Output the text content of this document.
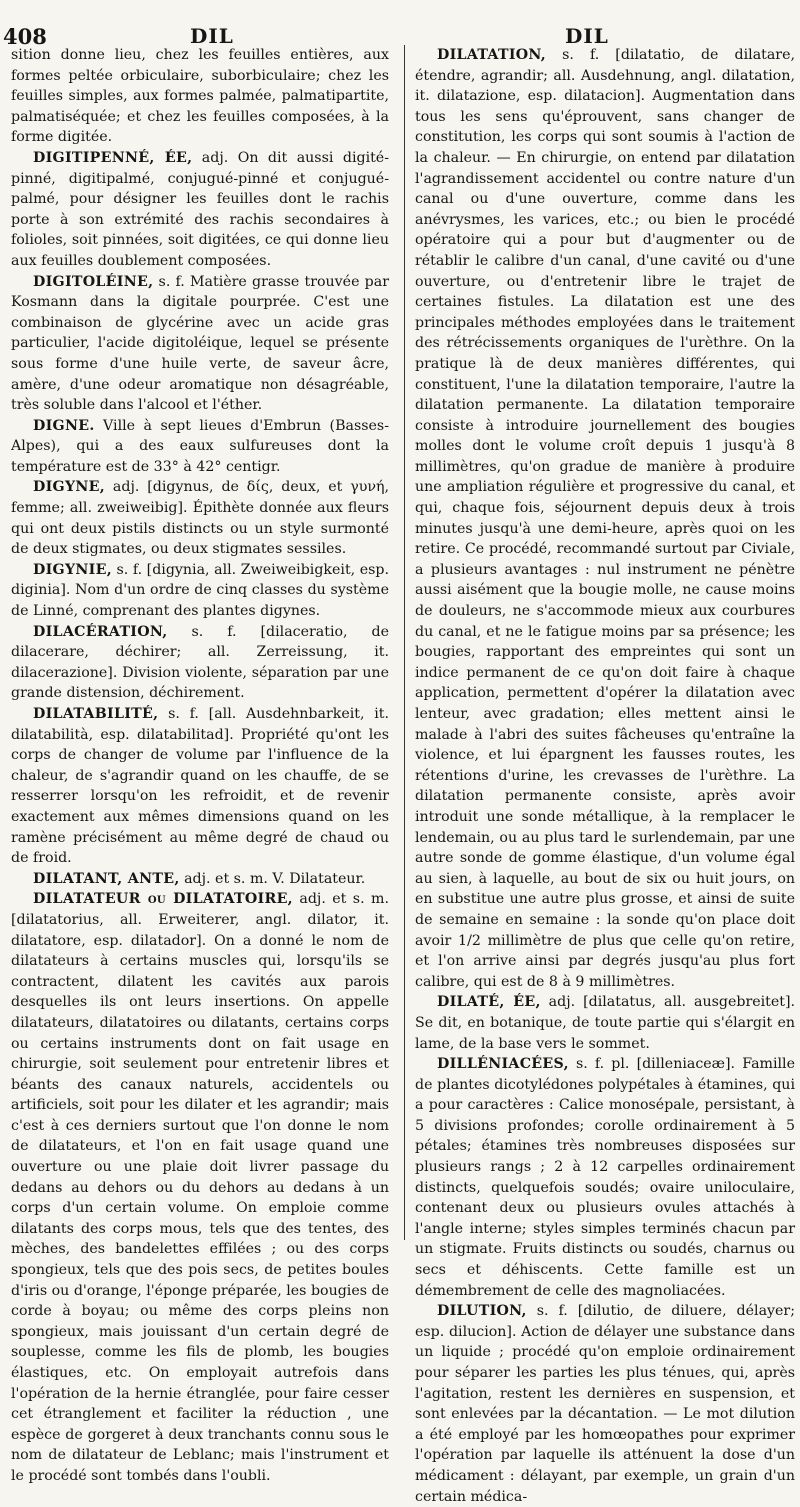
408	DIL	DIL

sition donne lieu, chez les feuilles entières, aux formes peltée orbiculaire, suborbiculaire; chez les feuilles simples, aux formes palmée, palmatipartite, palmatiséquée; et chez les feuilles composées, à la forme digitée.

DIGITIPENNÉ, ÉE, adj. On dit aussi digité-pinné, digitipalmé, conjugué-pinné et conjugué-palmé, pour désigner les feuilles dont le rachis porte à son extrémité des rachis secondaires à folioles, soit pinnées, soit digitées, ce qui donne lieu aux feuilles doublement composées.

DIGITOLÉINE, s. f. Matière grasse trouvée par Kosmann dans la digitale pourprée. C'est une combinaison de glycérine avec un acide gras particulier, l'acide digitoléique, lequel se présente sous forme d'une huile verte, de saveur âcre, amère, d'une odeur aromatique non désagréable, très soluble dans l'alcool et l'éther.

DIGNE. Ville à sept lieues d'Embrun (Basses-Alpes), qui a des eaux sulfureuses dont la température est de 33° à 42° centigr.

DIGYNE, adj. [digynus, de δίς, deux, et γυνή, femme; all. zweiweibig]. Épithète donnée aux fleurs qui ont deux pistils distincts ou un style surmonté de deux stigmates, ou deux stigmates sessiles.

DIGYNIE, s. f. [digynia, all. Zweiweibigkeit, esp. diginia]. Nom d'un ordre de cinq classes du système de Linné, comprenant des plantes digynes.

DILACÉRATION, s. f. [dilaceratio, de dilacerare, déchirer; all. Zerreissung, it. dilacerazione]. Division violente, séparation par une grande distension, déchirement.

DILATABILITÉ, s. f. [all. Ausdehnbarkeit, it. dilatabilità, esp. dilatabilitad]. Propriété qu'ont les corps de changer de volume par l'influence de la chaleur, de s'agrandir quand on les chauffe, de se resserrer lorsqu'on les refroidit, et de revenir exactement aux mêmes dimensions quand on les ramène précisément au même degré de chaud ou de froid.

DILATANT, ANTE, adj. et s. m. V. Dilatateur.

DILATATEUR ou DILATATOIRE, adj. et s. m. [dilatatorius, all. Erweiterer, angl. dilator, it. dilatatore, esp. dilatador]. On a donné le nom de dilatateurs à certains muscles qui, lorsqu'ils se contractent, dilatent les cavités aux parois desquelles ils ont leurs insertions. On appelle dilatateurs, dilatatoires ou dilatants, certains corps ou certains instruments dont on fait usage en chirurgie, soit seulement pour entretenir libres et béants des canaux naturels, accidentels ou artificiels, soit pour les dilater et les agrandir; mais c'est à ces derniers surtout que l'on donne le nom de dilatateurs, et l'on en fait usage quand une ouverture ou une plaie doit livrer passage du dedans au dehors ou du dehors au dedans à un corps d'un certain volume. On emploie comme dilatants des corps mous, tels que des tentes, des mèches, des bandelettes effilées ; ou des corps spongieux, tels que des pois secs, de petites boules d'iris ou d'orange, l'éponge préparée, les bougies de corde à boyau; ou même des corps pleins non spongieux, mais jouissant d'un certain degré de souplesse, comme les fils de plomb, les bougies élastiques, etc. On employait autrefois dans l'opération de la hernie étranglée, pour faire cesser cet étranglement et faciliter la réduction , une espèce de gorgeret à deux tranchants connu sous le nom de dilatateur de Leblanc; mais l'instrument et le procédé sont tombés dans l'oubli.

DILATATION, s. f. [dilatatio, de dilatare, étendre, agrandir; all. Ausdehnung, angl. dilatation, it. dilatazione, esp. dilatacion]. Augmentation dans tous les sens qu'éprouvent, sans changer de constitution, les corps qui sont soumis à l'action de la chaleur. — En chirurgie, on entend par dilatation l'agrandissement accidentel ou contre nature d'un canal ou d'une ouverture, comme dans les anévrysmes, les varices, etc.; ou bien le procédé opératoire qui a pour but d'augmenter ou de rétablir le calibre d'un canal, d'une cavité ou d'une ouverture, ou d'entretenir libre le trajet de certaines fistules. La dilatation est une des principales méthodes employées dans le traitement des rétrécissements organiques de l'urèthre. On la pratique là de deux manières différentes, qui constituent, l'une la dilatation temporaire, l'autre la dilatation permanente. La dilatation temporaire consiste à introduire journellement des bougies molles dont le volume croît depuis 1 jusqu'à 8 millimètres, qu'on gradue de manière à produire une ampliation régulière et progressive du canal, et qui, chaque fois, séjournent depuis deux à trois minutes jusqu'à une demi-heure, après quoi on les retire. Ce procédé, recommandé surtout par Civiale, a plusieurs avantages : nul instrument ne pénètre aussi aisément que la bougie molle, ne cause moins de douleurs, ne s'accommode mieux aux courbures du canal, et ne le fatigue moins par sa présence; les bougies, rapportant des empreintes qui sont un indice permanent de ce qu'on doit faire à chaque application, permettent d'opérer la dilatation avec lenteur, avec gradation; elles mettent ainsi le malade à l'abri des suites fâcheuses qu'entraîne la violence, et lui épargnent les fausses routes, les rétentions d'urine, les crevasses de l'urèthre. La dilatation permanente consiste, après avoir introduit une sonde métallique, à la remplacer le lendemain, ou au plus tard le surlendemain, par une autre sonde de gomme élastique, d'un volume égal au sien, à laquelle, au bout de six ou huit jours, on en substitue une autre plus grosse, et ainsi de suite de semaine en semaine : la sonde qu'on place doit avoir 1/2 millimètre de plus que celle qu'on retire, et l'on arrive ainsi par degrés jusqu'au plus fort calibre, qui est de 8 à 9 millimètres.

DILATÉ, ÉE, adj. [dilatatus, all. ausgebreitet]. Se dit, en botanique, de toute partie qui s'élargit en lame, de la base vers le sommet.

DILLÉNIACÉES, s. f. pl. [dilleniaceæ]. Famille de plantes dicotylédones polypétales à étamines, qui a pour caractères : Calice monosépale, persistant, à 5 divisions profondes; corolle ordinairement à 5 pétales; étamines très nombreuses disposées sur plusieurs rangs ; 2 à 12 carpelles ordinairement distincts, quelquefois soudés; ovaire uniloculaire, contenant deux ou plusieurs ovules attachés à l'angle interne; styles simples terminés chacun par un stigmate. Fruits distincts ou soudés, charnus ou secs et déhiscents. Cette famille est un démembrement de celle des magnoliacées.

DILUTION, s. f. [dilutio, de diluere, délayer; esp. dilucion]. Action de délayer une substance dans un liquide ; procédé qu'on emploie ordinairement pour séparer les parties les plus ténues, qui, après l'agitation, restent les dernières en suspension, et sont enlevées par la décantation. — Le mot dilution a été employé par les homœopathes pour exprimer l'opération par laquelle ils atténuent la dose d'un médicament : délayant, par exemple, un grain d'un certain médica-
